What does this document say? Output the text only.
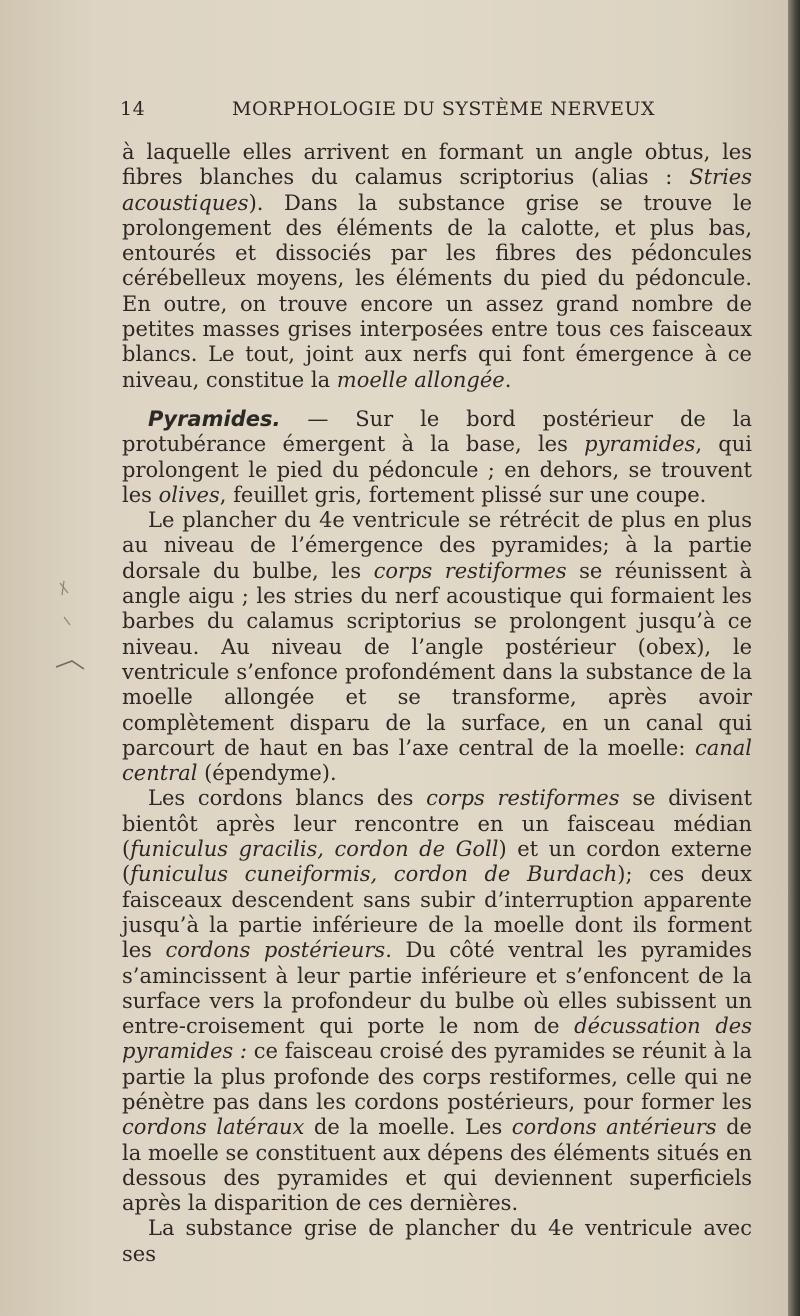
14	MORPHOLOGIE DU SYSTÈME NERVEUX

à laquelle elles arrivent en formant un angle obtus, les fibres blanches du calamus scriptorius (alias : Stries acoustiques). Dans la substance grise se trouve le prolongement des éléments de la calotte, et plus bas, entourés et dissociés par les fibres des pédoncules cérébelleux moyens, les éléments du pied du pédoncule. En outre, on trouve encore un assez grand nombre de petites masses grises interposées entre tous ces faisceaux blancs. Le tout, joint aux nerfs qui font émergence à ce niveau, constitue la moelle allongée.

Pyramides. — Sur le bord postérieur de la protubérance émergent à la base, les pyramides, qui prolongent le pied du pédoncule ; en dehors, se trouvent les olives, feuillet gris, fortement plissé sur une coupe.

Le plancher du 4e ventricule se rétrécit de plus en plus au niveau de l’émergence des pyramides; à la partie dorsale du bulbe, les corps restiformes se réunissent à angle aigu ; les stries du nerf acoustique qui formaient les barbes du calamus scriptorius se prolongent jusqu’à ce niveau. Au niveau de l’angle postérieur (obex), le ventricule s’enfonce profondément dans la substance de la moelle allongée et se transforme, après avoir complètement disparu de la surface, en un canal qui parcourt de haut en bas l’axe central de la moelle: canal central (épendyme).

Les cordons blancs des corps restiformes se divisent bientôt après leur rencontre en un faisceau médian (funiculus gracilis, cordon de Goll) et un cordon externe (funiculus cuneiformis, cordon de Burdach); ces deux faisceaux descendent sans subir d’interruption apparente jusqu’à la partie inférieure de la moelle dont ils forment les cordons postérieurs. Du côté ventral les pyramides s’amincissent à leur partie inférieure et s’enfoncent de la surface vers la profondeur du bulbe où elles subissent un entre-croisement qui porte le nom de décussation des pyramides : ce faisceau croisé des pyramides se réunit à la partie la plus profonde des corps restiformes, celle qui ne pénètre pas dans les cordons postérieurs, pour former les cordons latéraux de la moelle. Les cordons antérieurs de la moelle se constituent aux dépens des éléments situés en dessous des pyramides et qui deviennent superficiels après la disparition de ces dernières.

La substance grise de plancher du 4e ventricule avec ses
